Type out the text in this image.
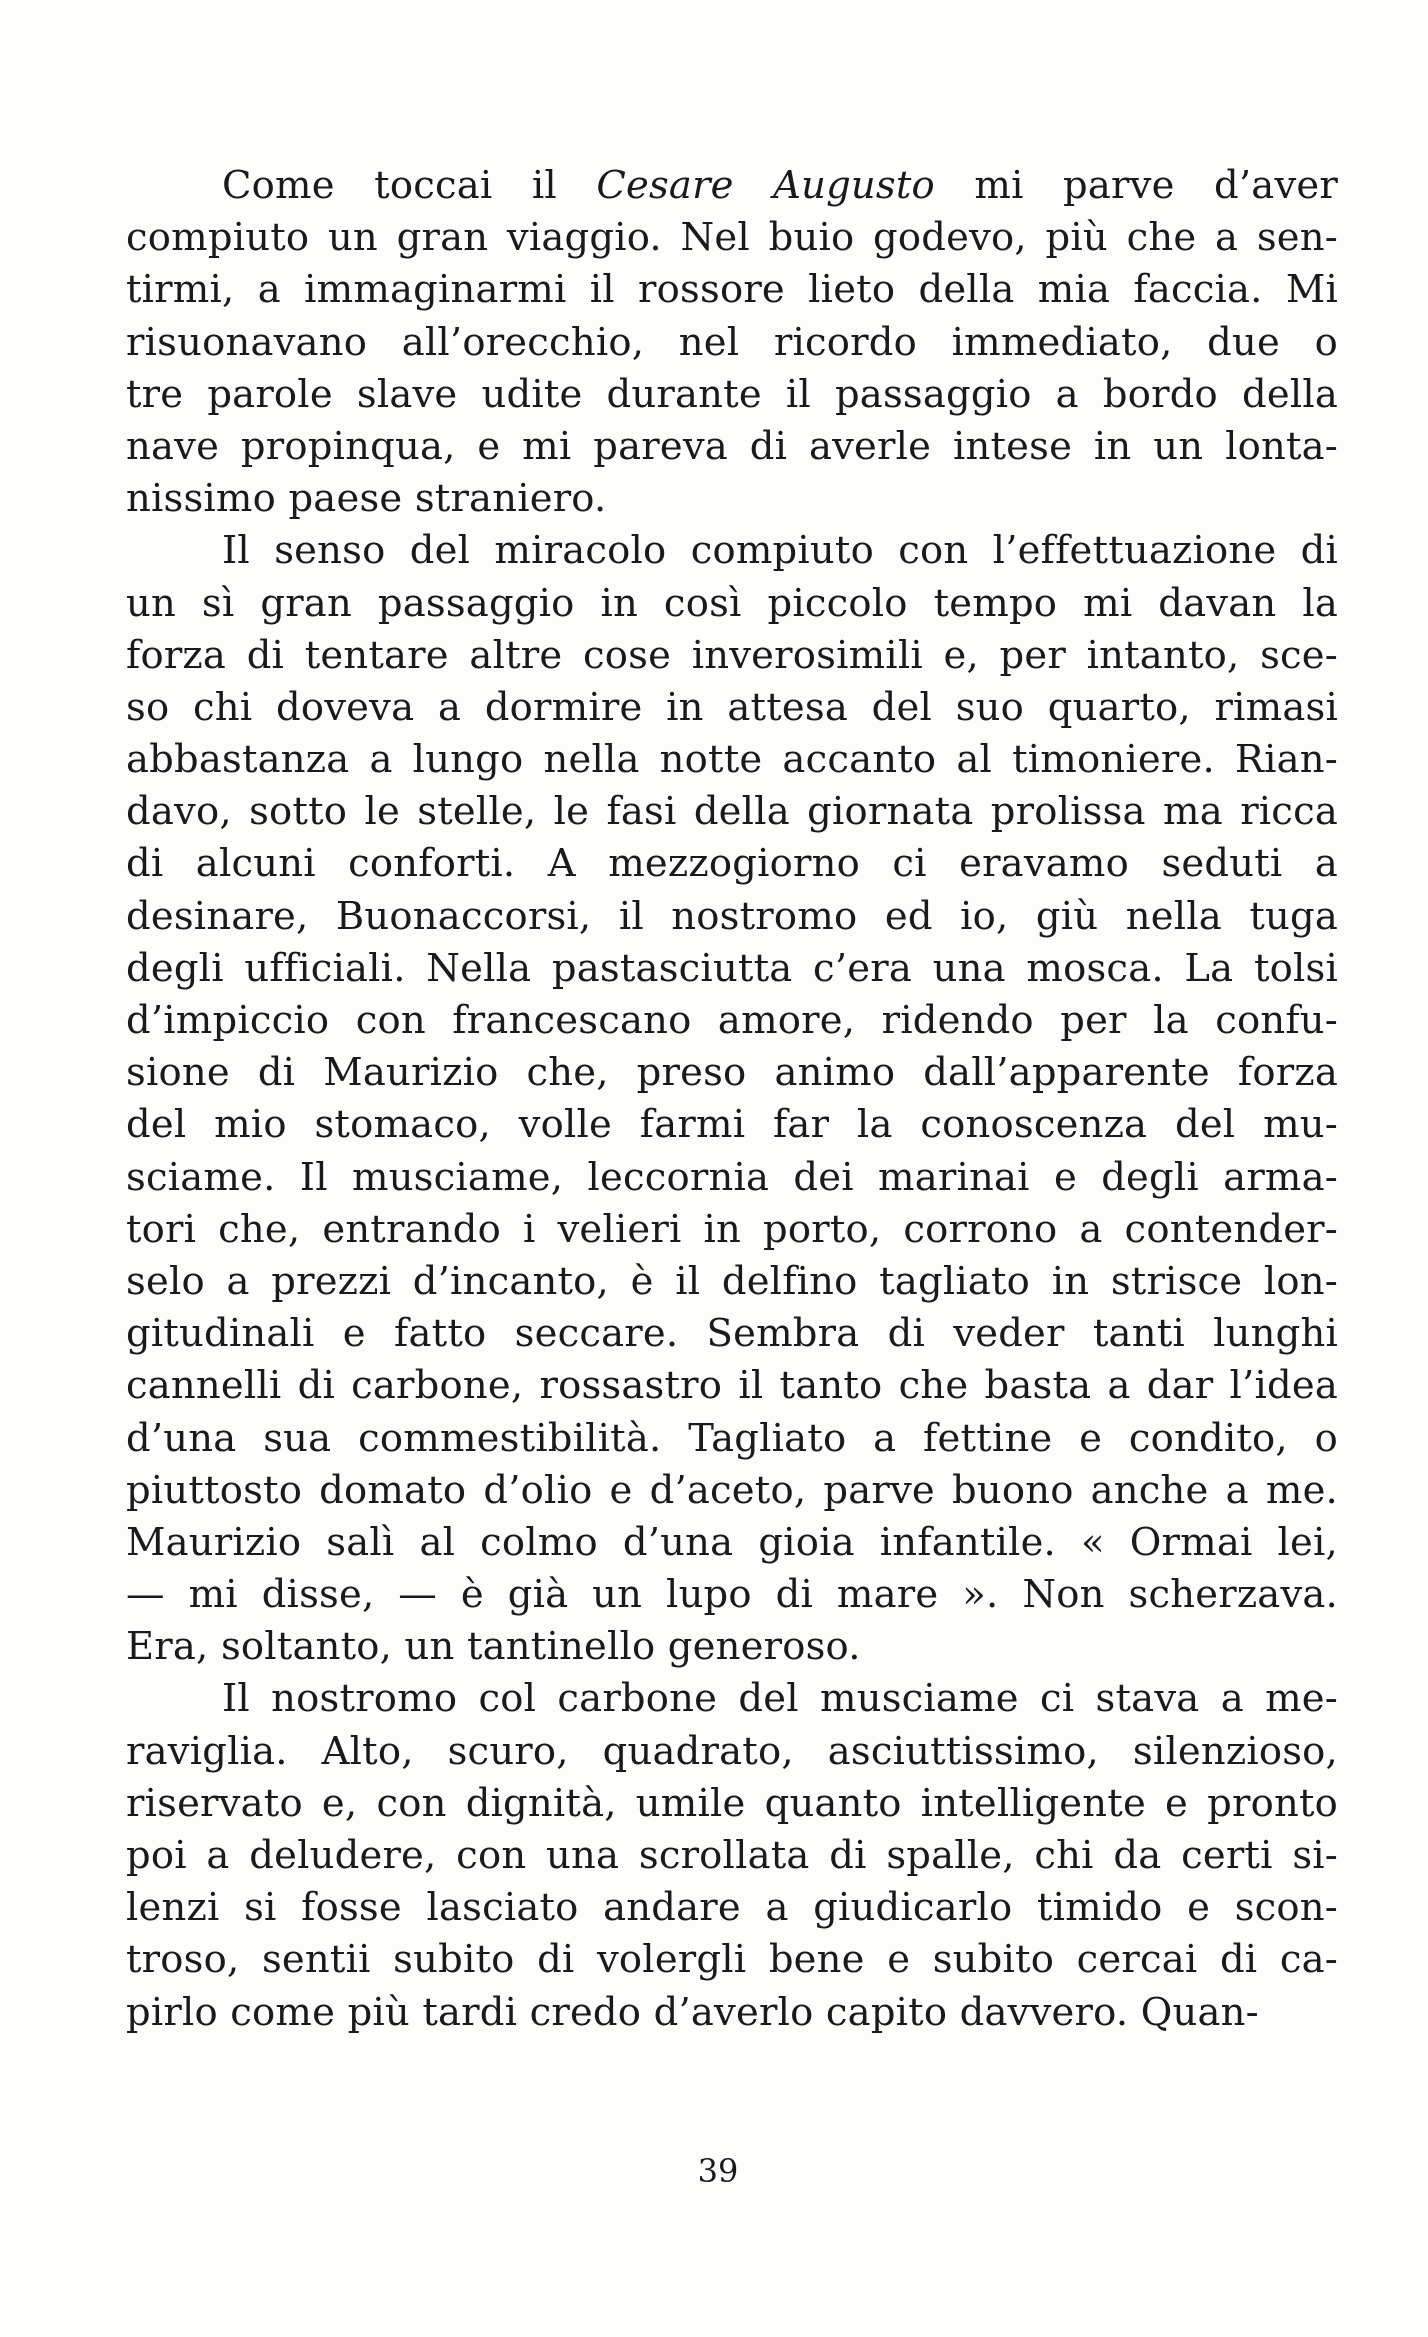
Come toccai il Cesare Augusto mi parve d’aver
compiuto un gran viaggio. Nel buio godevo, più che a sen-
tirmi, a immaginarmi il rossore lieto della mia faccia. Mi
risuonavano all’orecchio, nel ricordo immediato, due o
tre parole slave udite durante il passaggio a bordo della
nave propinqua, e mi pareva di averle intese in un lonta-
nissimo paese straniero.
Il senso del miracolo compiuto con l’effettuazione di
un sì gran passaggio in così piccolo tempo mi davan la
forza di tentare altre cose inverosimili e, per intanto, sce-
so chi doveva a dormire in attesa del suo quarto, rimasi
abbastanza a lungo nella notte accanto al timoniere. Rian-
davo, sotto le stelle, le fasi della giornata prolissa ma ricca
di alcuni conforti. A mezzogiorno ci eravamo seduti a
desinare, Buonaccorsi, il nostromo ed io, giù nella tuga
degli ufficiali. Nella pastasciutta c’era una mosca. La tolsi
d’impiccio con francescano amore, ridendo per la confu-
sione di Maurizio che, preso animo dall’apparente forza
del mio stomaco, volle farmi far la conoscenza del mu-
sciame. Il musciame, leccornia dei marinai e degli arma-
tori che, entrando i velieri in porto, corrono a contender-
selo a prezzi d’incanto, è il delfino tagliato in strisce lon-
gitudinali e fatto seccare. Sembra di veder tanti lunghi
cannelli di carbone, rossastro il tanto che basta a dar l’idea
d’una sua commestibilità. Tagliato a fettine e condito, o
piuttosto domato d’olio e d’aceto, parve buono anche a me.
Maurizio salì al colmo d’una gioia infantile. « Ormai lei,
— mi disse, — è già un lupo di mare ». Non scherzava.
Era, soltanto, un tantinello generoso.
Il nostromo col carbone del musciame ci stava a me-
raviglia. Alto, scuro, quadrato, asciuttissimo, silenzioso,
riservato e, con dignità, umile quanto intelligente e pronto
poi a deludere, con una scrollata di spalle, chi da certi si-
lenzi si fosse lasciato andare a giudicarlo timido e scon-
troso, sentii subito di volergli bene e subito cercai di ca-
pirlo come più tardi credo d’averlo capito davvero. Quan-
39
